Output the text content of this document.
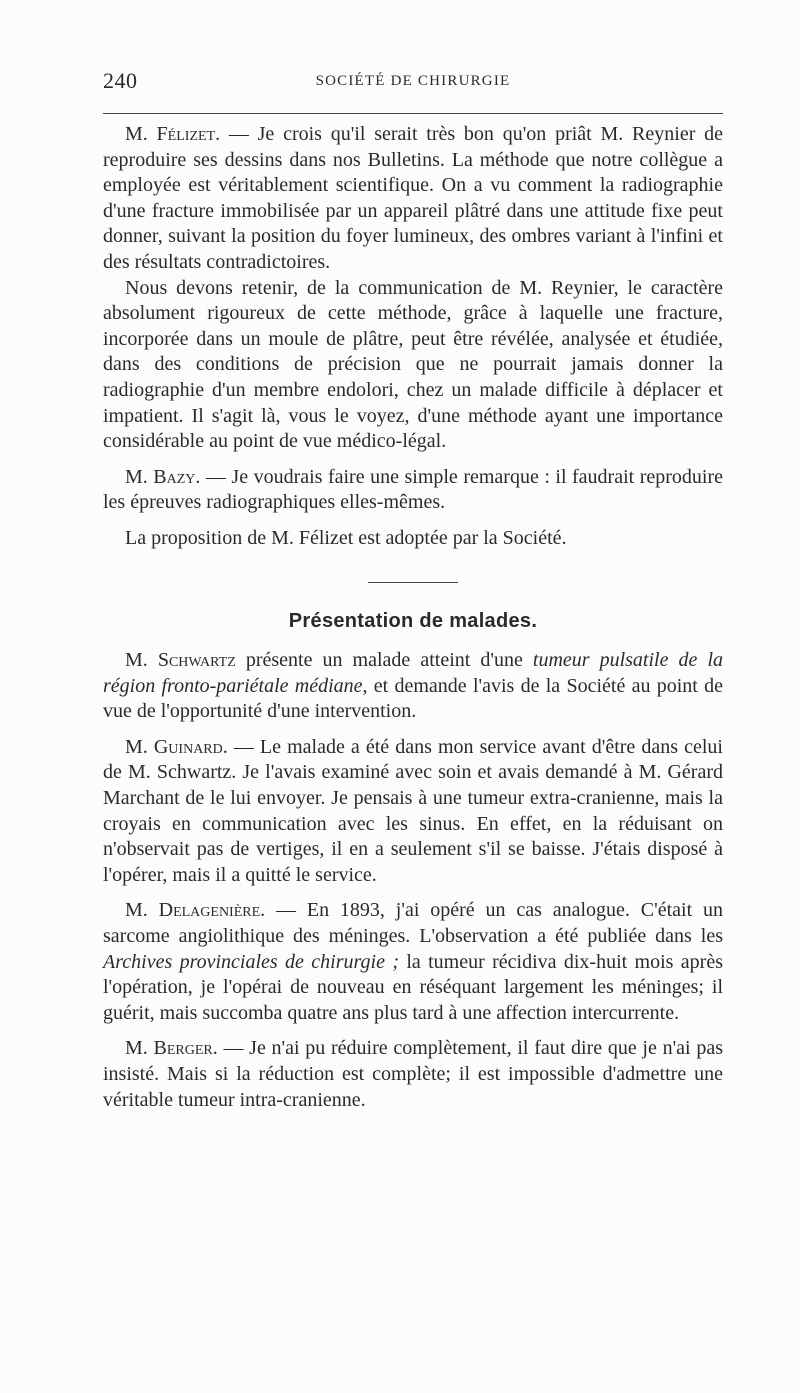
240	SOCIÉTÉ DE CHIRURGIE

M. Félizet. — Je crois qu'il serait très bon qu'on priât M. Reynier de reproduire ses dessins dans nos Bulletins. La méthode que notre collègue a employée est véritablement scientifique. On a vu comment la radiographie d'une fracture immobilisée par un appareil plâtré dans une attitude fixe peut donner, suivant la position du foyer lumineux, des ombres variant à l'infini et des résultats contradictoires.

Nous devons retenir, de la communication de M. Reynier, le caractère absolument rigoureux de cette méthode, grâce à laquelle une fracture, incorporée dans un moule de plâtre, peut être révélée, analysée et étudiée, dans des conditions de précision que ne pourrait jamais donner la radiographie d'un membre endolori, chez un malade difficile à déplacer et impatient. Il s'agit là, vous le voyez, d'une méthode ayant une importance considérable au point de vue médico-légal.

M. Bazy. — Je voudrais faire une simple remarque : il faudrait reproduire les épreuves radiographiques elles-mêmes.

La proposition de M. Félizet est adoptée par la Société.

Présentation de malades.

M. Schwartz présente un malade atteint d'une tumeur pulsatile de la région fronto-pariétale médiane, et demande l'avis de la Société au point de vue de l'opportunité d'une intervention.

M. Guinard. — Le malade a été dans mon service avant d'être dans celui de M. Schwartz. Je l'avais examiné avec soin et avais demandé à M. Gérard Marchant de le lui envoyer. Je pensais à une tumeur extra-cranienne, mais la croyais en communication avec les sinus. En effet, en la réduisant on n'observait pas de vertiges, il en a seulement s'il se baisse. J'étais disposé à l'opérer, mais il a quitté le service.

M. Delagenière. — En 1893, j'ai opéré un cas analogue. C'était un sarcome angiolithique des méninges. L'observation a été publiée dans les Archives provinciales de chirurgie ; la tumeur récidiva dix-huit mois après l'opération, je l'opérai de nouveau en réséquant largement les méninges; il guérit, mais succomba quatre ans plus tard à une affection intercurrente.

M. Berger. — Je n'ai pu réduire complètement, il faut dire que je n'ai pas insisté. Mais si la réduction est complète; il est impossible d'admettre une véritable tumeur intra-cranienne.
